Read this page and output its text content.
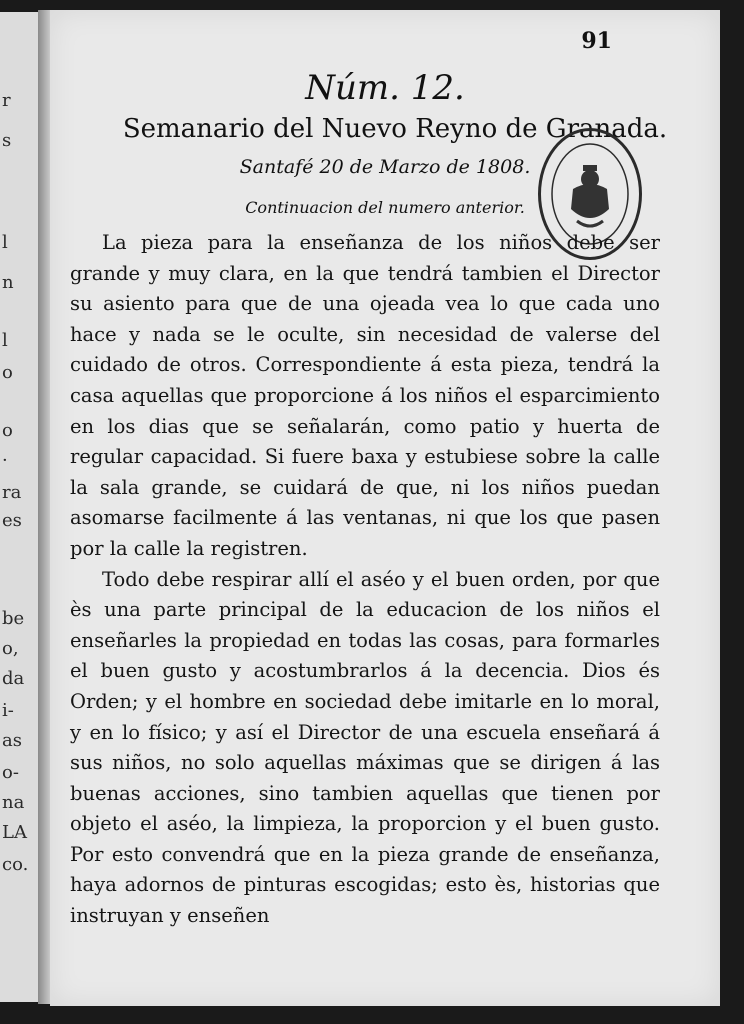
r
s
l
n
l
o
o
·
ra
es
be
o,
da
i-
as
o-
na
LA
co.
91
Núm. 12.
Semanario del Nuevo Reyno de Granada.
Santafé 20 de Marzo de 1808.
Continuacion del numero anterior.

La pieza para la enseñanza de los niños debe ser grande y muy clara, en la que tendrá tambien el Director su asiento para que de una ojeada vea lo que cada uno hace y nada se le oculte, sin necesidad de valerse del cuidado de otros. Correspondiente á esta pieza, tendrá la casa aquellas que proporcione á los niños el esparcimiento en los dias que se señalarán, como patio y huerta de regular capacidad. Si fuere baxa y estubiese sobre la calle la sala grande, se cuidará de que, ni los niños puedan asomarse facilmente á las ventanas, ni que los que pasen por la calle la registren.

Todo debe respirar allí el aséo y el buen orden, por que ès una parte principal de la educacion de los niños el enseñarles la propiedad en todas las cosas, para formarles el buen gusto y acostumbrarlos á la decencia. Dios és Orden; y el hombre en sociedad debe imitarle en lo moral, y en lo físico; y así el Director de una escuela enseñará á sus niños, no solo aquellas máximas que se dirigen á las buenas acciones, sino tambien aquellas que tienen por objeto el aséo, la limpieza, la proporcion y el buen gusto. Por esto convendrá que en la pieza grande de enseñanza, haya adornos de pinturas escogidas; esto ès, historias que instruyan y enseñen
